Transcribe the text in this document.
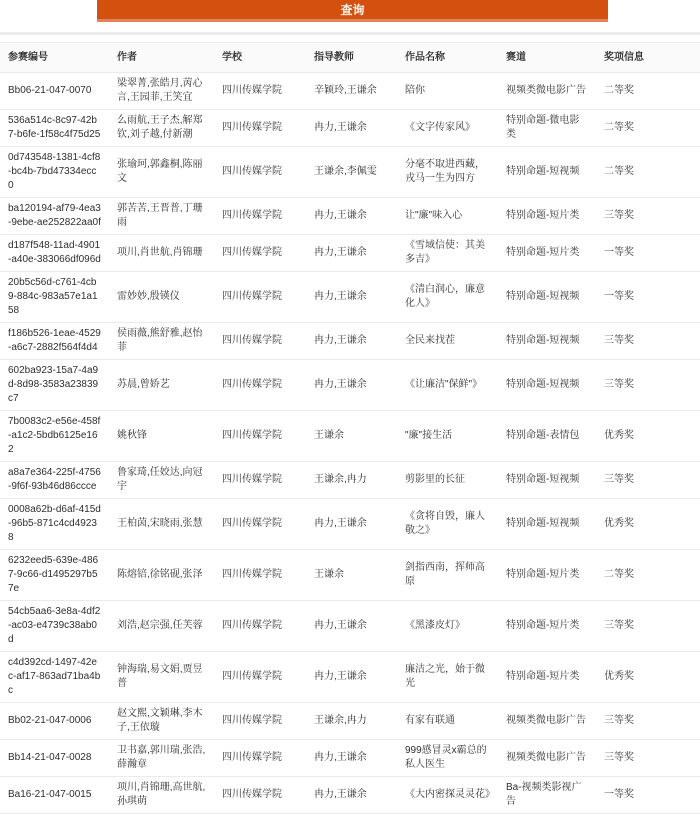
查询
参赛编号	作者	学校	指导教师	作品名称	赛道	奖项信息
Bb06-21-047-0070	梁翠菁,张皓月,苪心言,王园菲,王笑宜	四川传媒学院	辛颖玲,王谦余	陪你	视频类微电影广告	二等奖
536a514c-8c97-42b7-b6fe-1f58c4f75d25	么雨航,王子杰,解郑钦,刘子越,付新潮	四川传媒学院	冉力,王谦余	《文字传家风》	特别命题-微电影类	二等奖
0d743548-1381-4cf8-bc4b-7bd47334ecc0	张瑜珂,郭鑫桐,陈丽文	四川传媒学院	王谦余,李佩雯	分毫不取进西藏，戎马一生为四方	特别命题-短视频	二等奖
ba120194-af79-4ea3-9ebe-ae252822aa0f	郭苦苦,王晋普,丁珊雨	四川传媒学院	冉力,王谦余	让"廉"味入心	特别命题-短片类	三等奖
d187f548-11ad-4901-a40e-383066df096d	项川,肖世航,肖锦珊	四川传媒学院	冉力,王谦余	《雪域信使：其美多吉》	特别命题-短片类	一等奖
20b5c56d-c761-4cb9-884c-983a57e1a158	雷妙妙,殷锳仪	四川传媒学院	冉力,王谦余	《清白润心，廉意化人》	特别命题-短视频	一等奖
f186b526-1eae-4529-a6c7-2882f564f4d4	侯雨薇,熊舒雅,赵怡菲	四川传媒学院	冉力,王谦余	全民来找茬	特别命题-短视频	三等奖
602ba923-15a7-4a9d-8d98-3583a23839c7	苏晨,曾娇艺	四川传媒学院	冉力,王谦余	《让廉洁"保鲜"》	特别命题-短视频	三等奖
7b0083c2-e56e-458f-a1c2-5bdb6125e162	姚秋锋	四川传媒学院	王谦余	"廉"接生活	特别命题-表情包	优秀奖
a8a7e364-225f-4756-9f6f-93b46d86ccce	鲁家琦,任姣达,向冠宇	四川传媒学院	王谦余,冉力	剪影里的长征	特别命题-短视频	三等奖
0008a62b-d6af-415d-96b5-871c4cd49238	王柏茵,宋晓雨,张慧	四川传媒学院	冉力,王谦余	《贪将自毁，廉人敬之》	特别命题-短视频	优秀奖
6232eed5-639e-4867-9c66-d1495297b57e	陈熔锫,徐铭砚,张泽	四川传媒学院	王谦余	剑指西南，挥师高原	特别命题-短片类	二等奖
54cb5aa6-3e8a-4df2-ac03-e4739c38ab0d	刘浩,赵宗强,任芙蓉	四川传媒学院	冉力,王谦余	《黑漆皮灯》	特别命题-短片类	三等奖
c4d392cd-1497-42ec-af17-863ad71ba4bc	钟海瑞,易文娟,贾昱普	四川传媒学院	冉力,王谦余	廉洁之光，始于微光	特别命题-短片类	优秀奖
Bb02-21-047-0006	赵文熙,文颖琳,李木子,王依璇	四川传媒学院	王谦余,冉力	有家有联通	视频类微电影广告	三等奖
Bb14-21-047-0028	卫书嘉,郭川瑞,张浩,薛瀚章	四川传媒学院	冉力,王谦余	999感冒灵x霸总的私人医生	视频类微电影广告	三等奖
Ba16-21-047-0015	项川,肖锦珊,高世航,孙琪萌	四川传媒学院	冉力,王谦余	《大内密探灵灵花》	Ba-视频类影视广告	一等奖
